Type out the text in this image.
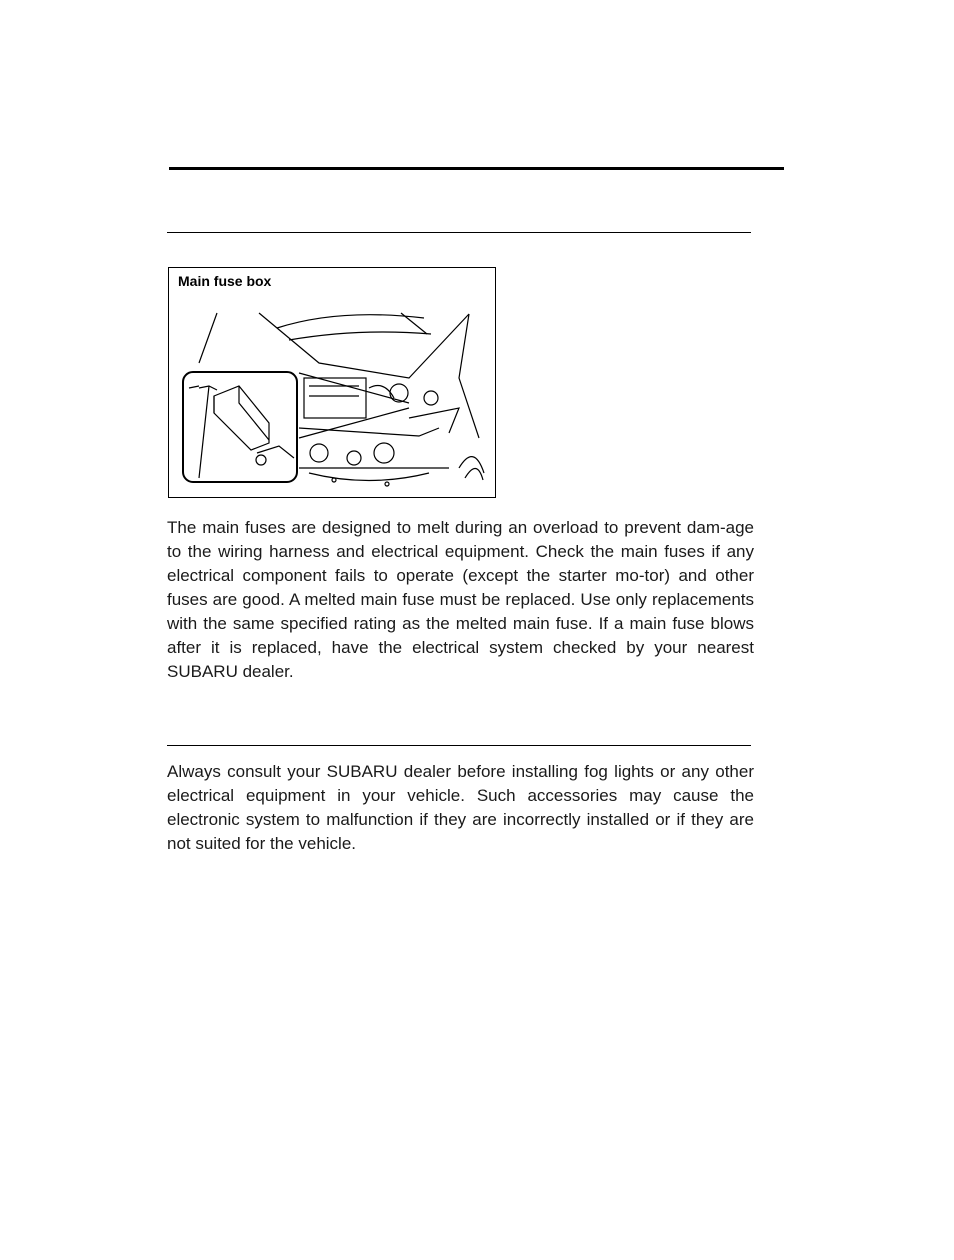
Main fuse box

The main fuses are designed to melt during an overload to prevent dam-age to the wiring harness and electrical equipment. Check the main fuses if any electrical component fails to operate (except the starter mo-tor) and other fuses are good. A melted main fuse must be replaced. Use only replacements with the same specified rating as the melted main fuse. If a main fuse blows after it is replaced, have the electrical system checked by your nearest SUBARU dealer.

Always consult your SUBARU dealer before installing fog lights or any other electrical equipment in your vehicle. Such accessories may cause the electronic system to malfunction if they are incorrectly installed or if they are not suited for the vehicle.
